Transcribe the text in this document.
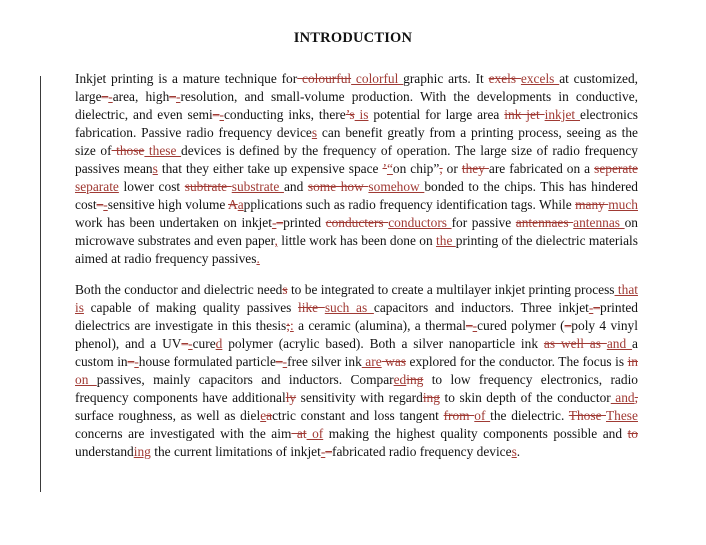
INTRODUCTION

Inkjet printing is a mature technique for colourful colorful graphic arts. It exels excels at customized, large–-area, high–-resolution, and small-volume production. With the developments in conductive, dielectric, and even semi–-conducting inks, there’s is potential for large area ink jet inkjet electronics fabrication. Passive radio frequency devices can benefit greatly from a printing process, seeing as the size of those these devices is defined by the frequency of operation. The large size of radio frequency passives means that they either take up expensive space ’“on chip”, or they are fabricated on a seperate separate lower cost subtrate substrate and some how somehow bonded to the chips. This has hindered cost–-sensitive high volume Aapplications such as radio frequency identification tags. While many much work has been undertaken on inkjet-–printed conducters conductors for passive antennaes antennas on microwave substrates and even paper, little work has been done on the printing of the dielectric materials aimed at radio frequency passives.

Both the conductor and dielectric needs to be integrated to create a multilayer inkjet printing process that is capable of making quality passives like such as capacitors and inductors. Three inkjet-–printed dielectrics are investigate in this thesis;: a ceramic (alumina), a thermal–-cured polymer (–poly 4 vinyl phenol), and a UV–-cured polymer (acrylic based). Both a silver nanoparticle ink as well as and a custom in–-house formulated particle–-free silver ink are was explored for the conductor. The focus is in on passives, mainly capacitors and inductors. Compareding to low frequency electronics, radio frequency components have additionally sensitivity with regarding to skin depth of the conductor and, surface roughness, as well as dieleactric constant and loss tangent from of the dielectric. Those These concerns are investigated with the aim at of making the highest quality components possible and to understanding the current limitations of inkjet-–fabricated radio frequency devices.
